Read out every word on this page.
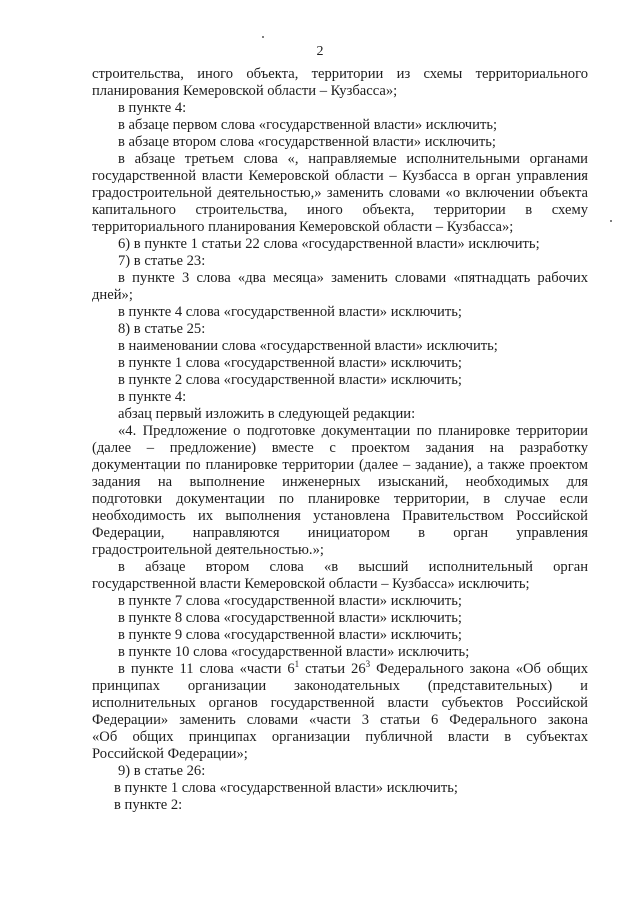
2

строительства, иного объекта, территории из схемы территориального

планирования Кемеровской области – Кузбасса»;

в пункте 4:

в абзаце первом слова «государственной власти» исключить;

в абзаце втором слова «государственной власти» исключить;

в абзаце третьем слова «, направляемые исполнительными органами

государственной власти Кемеровской области – Кузбасса в орган управления

градостроительной деятельностью,» заменить словами «о включении объекта

капитального строительства, иного объекта, территории в схему

территориального планирования Кемеровской области – Кузбасса»;

6) в пункте 1 статьи 22 слова «государственной власти» исключить;

7) в статье 23:

в пункте 3 слова «два месяца» заменить словами «пятнадцать рабочих

дней»;

в пункте 4 слова «государственной власти» исключить;

8) в статье 25:

в наименовании слова «государственной власти» исключить;

в пункте 1 слова «государственной власти» исключить;

в пункте 2 слова «государственной власти» исключить;

в пункте 4:

абзац первый изложить в следующей редакции:

«4. Предложение о подготовке документации по планировке территории

(далее – предложение) вместе с проектом задания на разработку

документации по планировке территории (далее – задание), а также проектом

задания на выполнение инженерных изысканий, необходимых для

подготовки документации по планировке территории, в случае если

необходимость их выполнения установлена Правительством Российской

Федерации, направляются инициатором в орган управления

градостроительной деятельностью.»;

в абзаце втором слова «в высший исполнительный орган

государственной власти Кемеровской области – Кузбасса» исключить;

в пункте 7 слова «государственной власти» исключить;

в пункте 8 слова «государственной власти» исключить;

в пункте 9 слова «государственной власти» исключить;

в пункте 10 слова «государственной власти» исключить;

в пункте 11 слова «части $6^1$ статьи $26^3$ Федерального закона «Об общих

принципах организации законодательных (представительных) и

исполнительных органов государственной власти субъектов Российской

Федерации» заменить словами «части 3 статьи 6 Федерального закона

«Об общих принципах организации публичной власти в субъектах

Российской Федерации»;

9) в статье 26:

в пункте 1 слова «государственной власти» исключить;

в пункте 2:
